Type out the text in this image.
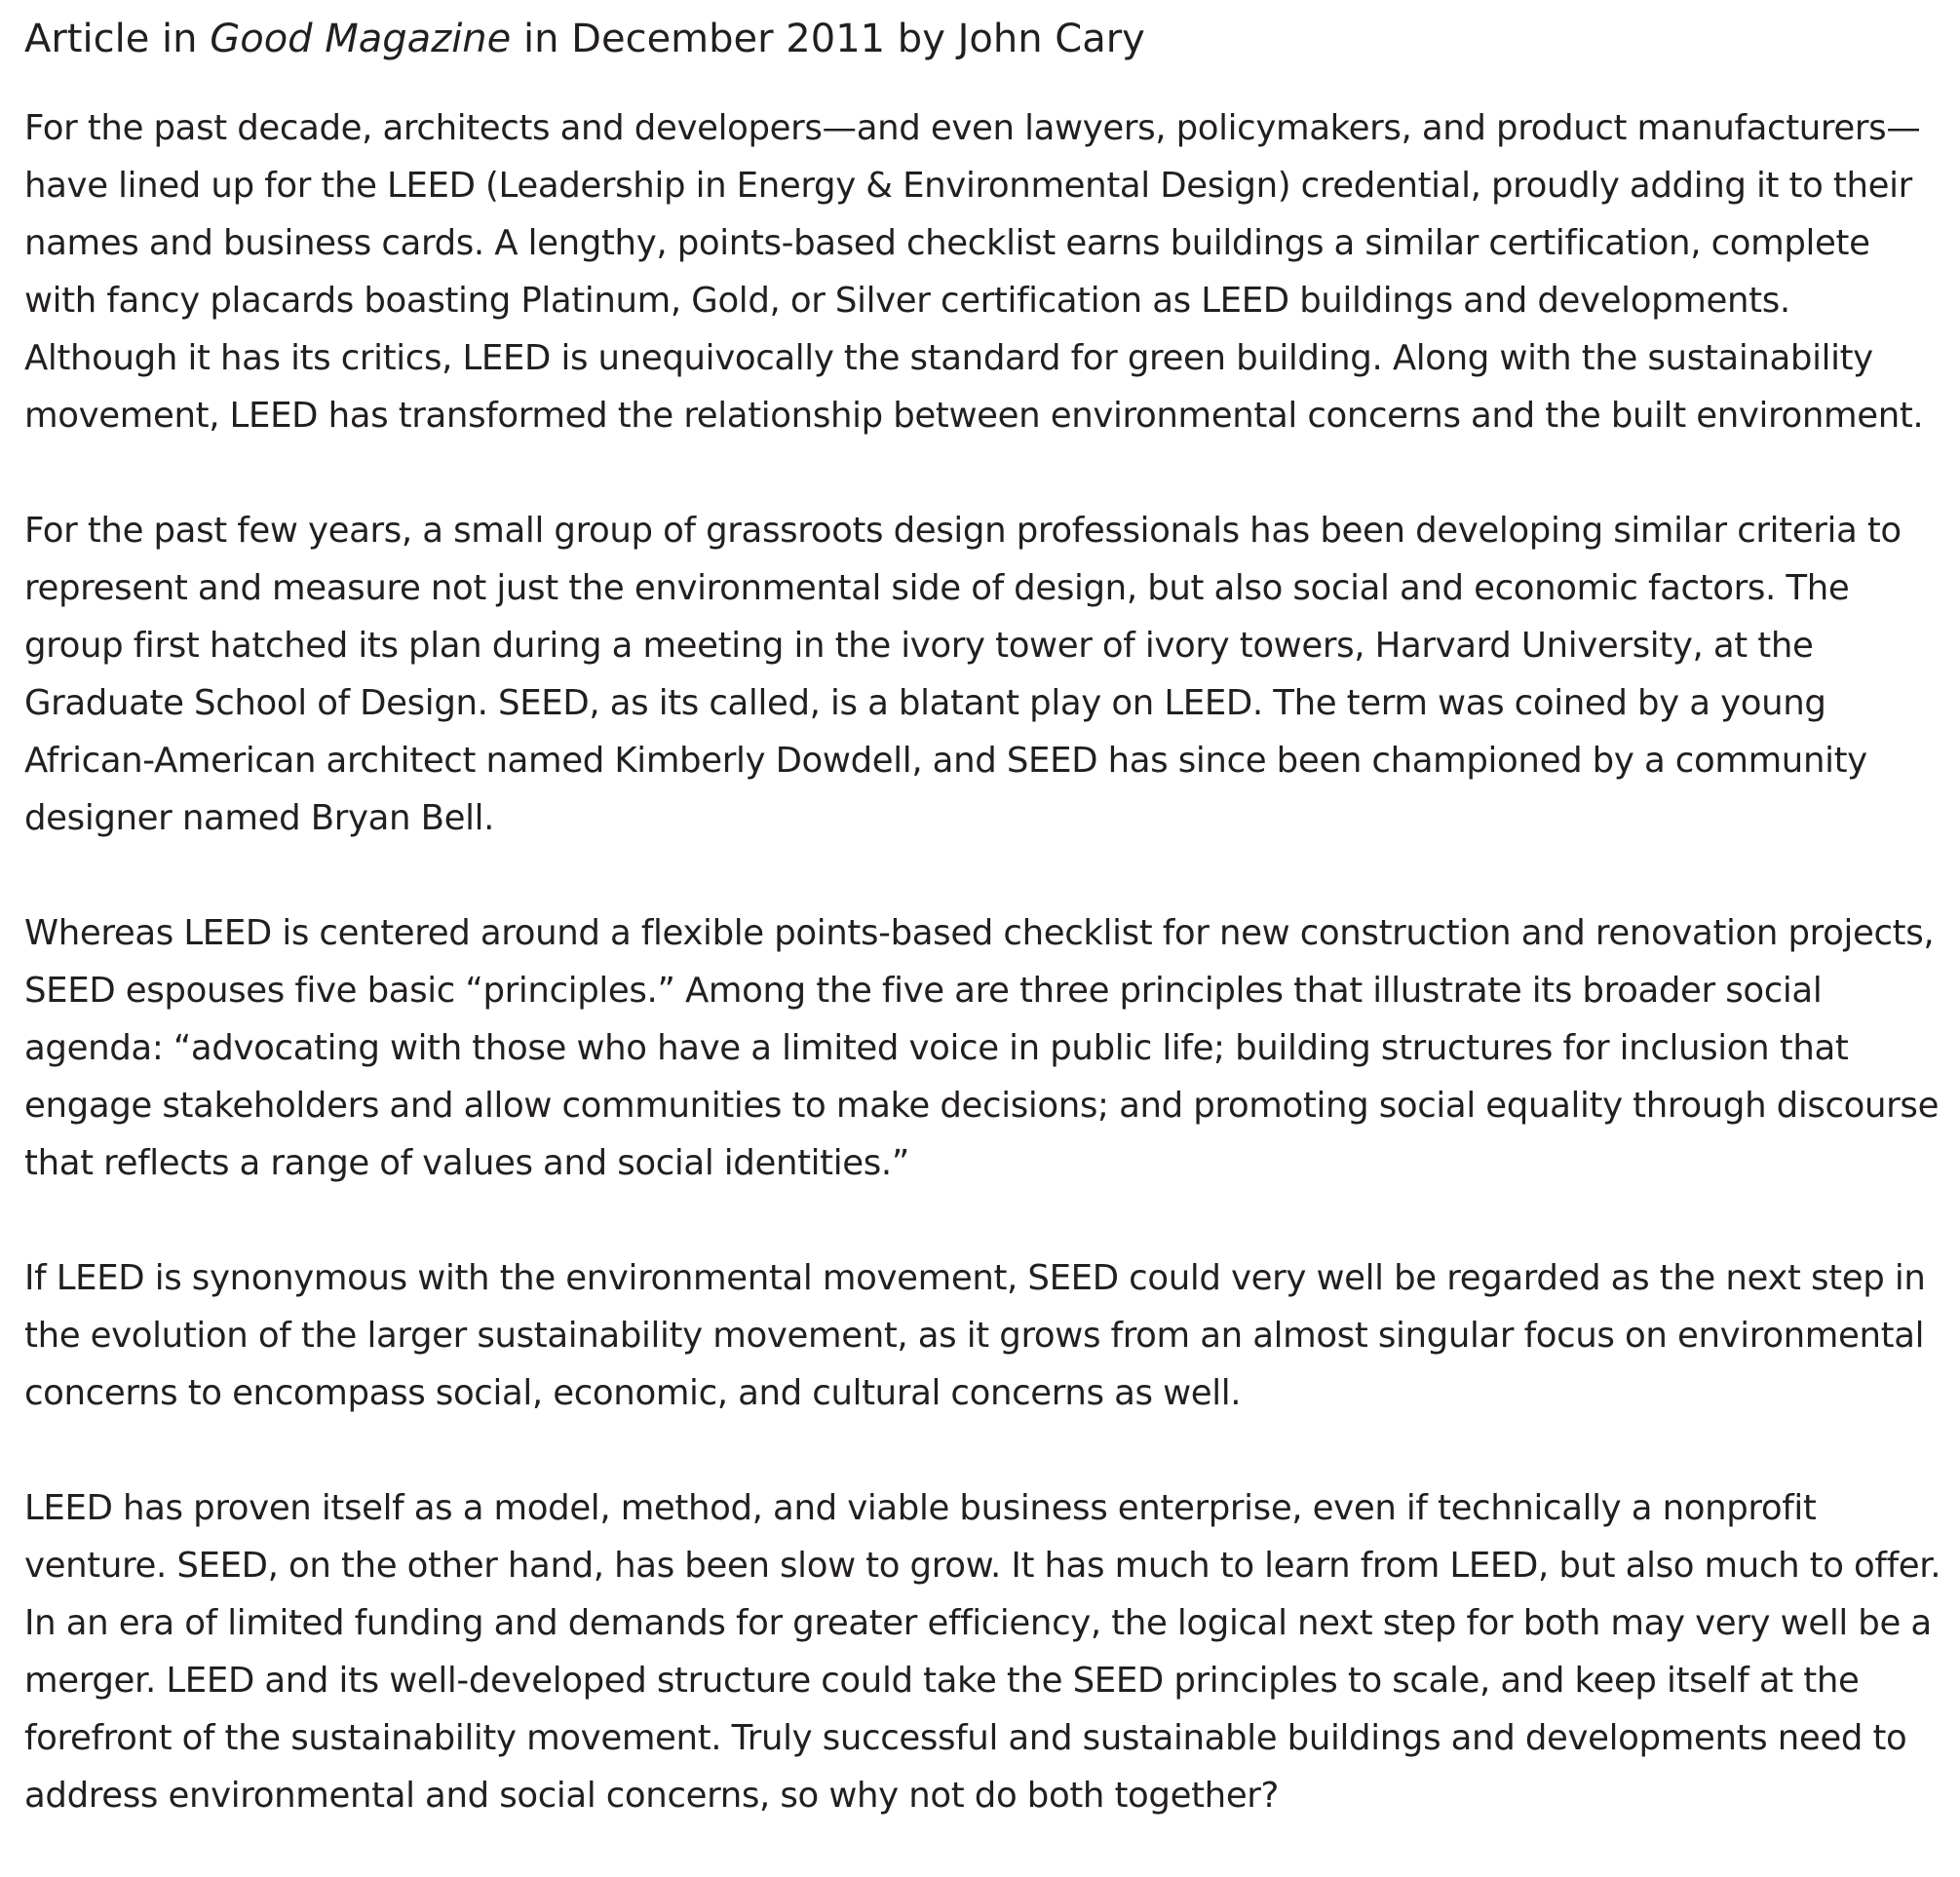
Article in Good Magazine in December 2011 by John Cary

For the past decade, architects and developers—and even lawyers, policymakers, and product manufacturers—have lined up for the LEED (Leadership in Energy & Environmental Design) credential, proudly adding it to their names and business cards. A lengthy, points-based checklist earns buildings a similar certification, complete with fancy placards boasting Platinum, Gold, or Silver certification as LEED buildings and developments. Although it has its critics, LEED is unequivocally the standard for green building. Along with the sustainability movement, LEED has transformed the relationship between environmental concerns and the built environment.

For the past few years, a small group of grassroots design professionals has been developing similar criteria to represent and measure not just the environmental side of design, but also social and economic factors. The group first hatched its plan during a meeting in the ivory tower of ivory towers, Harvard University, at the Graduate School of Design. SEED, as its called, is a blatant play on LEED. The term was coined by a young African-American architect named Kimberly Dowdell, and SEED has since been championed by a community designer named Bryan Bell.

Whereas LEED is centered around a flexible points-based checklist for new construction and renovation projects, SEED espouses five basic “principles.” Among the five are three principles that illustrate its broader social agenda: “advocating with those who have a limited voice in public life; building structures for inclusion that engage stakeholders and allow communities to make decisions; and promoting social equality through discourse that reflects a range of values and social identities.”

If LEED is synonymous with the environmental movement, SEED could very well be regarded as the next step in the evolution of the larger sustainability movement, as it grows from an almost singular focus on environmental concerns to encompass social, economic, and cultural concerns as well.

LEED has proven itself as a model, method, and viable business enterprise, even if technically a nonprofit venture. SEED, on the other hand, has been slow to grow. It has much to learn from LEED, but also much to offer. In an era of limited funding and demands for greater efficiency, the logical next step for both may very well be a merger. LEED and its well-developed structure could take the SEED principles to scale, and keep itself at the forefront of the sustainability movement. Truly successful and sustainable buildings and developments need to address environmental and social concerns, so why not do both together?
